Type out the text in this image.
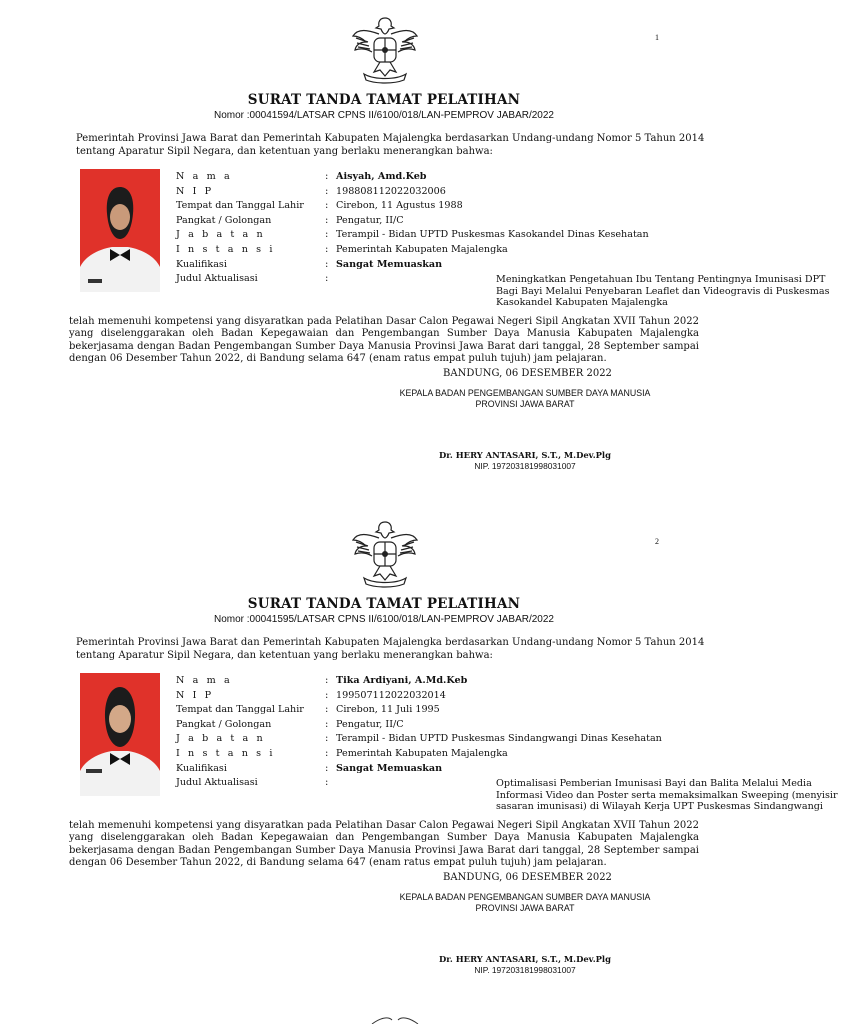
1
SURAT TANDA TAMAT PELATIHAN
Nomor :00041594/LATSAR CPNS II/6100/018/LAN-PEMPROV JABAR/2022
Pemerintah Provinsi Jawa Barat dan Pemerintah Kabupaten Majalengka berdasarkan Undang-undang Nomor 5 Tahun 2014 tentang Aparatur Sipil Negara, dan ketentuan yang berlaku menerangkan bahwa:
N a m a	: Aisyah, Amd.Keb
N I P	: 198808112022032006
Tempat dan Tanggal Lahir : Cirebon, 11 Agustus 1988
Pangkat / Golongan	: Pengatur, II/C
J a b a t a n	: Terampil - Bidan UPTD Puskesmas Kasokandel Dinas Kesehatan
I n s t a n s i	: Pemerintah Kabupaten Majalengka
Kualifikasi	: Sangat Memuaskan
Judul Aktualisasi	:	Meningkatkan Pengetahuan Ibu Tentang Pentingnya Imunisasi DPT Bagi Bayi Melalui Penyebaran Leaflet dan Videogravis di Puskesmas Kasokandel Kabupaten Majalengka
telah memenuhi kompetensi yang disyaratkan pada Pelatihan Dasar Calon Pegawai Negeri Sipil Angkatan XVII Tahun 2022 yang diselenggarakan oleh Badan Kepegawaian dan Pengembangan Sumber Daya Manusia Kabupaten Majalengka bekerjasama dengan Badan Pengembangan Sumber Daya Manusia Provinsi Jawa Barat dari tanggal, 28 September sampai dengan 06 Desember Tahun 2022, di Bandung selama 647 (enam ratus empat puluh tujuh) jam pelajaran.
BANDUNG, 06 DESEMBER 2022
KEPALA BADAN PENGEMBANGAN SUMBER DAYA MANUSIA
PROVINSI JAWA BARAT
Dr. HERY ANTASARI, S.T., M.Dev.Plg
NIP. 197203181998031007
2
SURAT TANDA TAMAT PELATIHAN
Nomor :00041595/LATSAR CPNS II/6100/018/LAN-PEMPROV JABAR/2022
Pemerintah Provinsi Jawa Barat dan Pemerintah Kabupaten Majalengka berdasarkan Undang-undang Nomor 5 Tahun 2014 tentang Aparatur Sipil Negara, dan ketentuan yang berlaku menerangkan bahwa:
N a m a	: Tika Ardiyani, A.Md.Keb
N I P	: 199507112022032014
Tempat dan Tanggal Lahir : Cirebon, 11 Juli 1995
Pangkat / Golongan	: Pengatur, II/C
J a b a t a n	: Terampil - Bidan UPTD Puskesmas Sindangwangi Dinas Kesehatan
I n s t a n s i	: Pemerintah Kabupaten Majalengka
Kualifikasi	: Sangat Memuaskan
Judul Aktualisasi	:	Optimalisasi Pemberian Imunisasi Bayi dan Balita Melalui Media Informasi Video dan Poster serta memaksimalkan Sweeping (menyisir sasaran imunisasi) di Wilayah Kerja UPT Puskesmas Sindangwangi
telah memenuhi kompetensi yang disyaratkan pada Pelatihan Dasar Calon Pegawai Negeri Sipil Angkatan XVII Tahun 2022 yang diselenggarakan oleh Badan Kepegawaian dan Pengembangan Sumber Daya Manusia Kabupaten Majalengka bekerjasama dengan Badan Pengembangan Sumber Daya Manusia Provinsi Jawa Barat dari tanggal, 28 September sampai dengan 06 Desember Tahun 2022, di Bandung selama 647 (enam ratus empat puluh tujuh) jam pelajaran.
BANDUNG, 06 DESEMBER 2022
KEPALA BADAN PENGEMBANGAN SUMBER DAYA MANUSIA
PROVINSI JAWA BARAT
Dr. HERY ANTASARI, S.T., M.Dev.Plg
NIP. 197203181998031007
